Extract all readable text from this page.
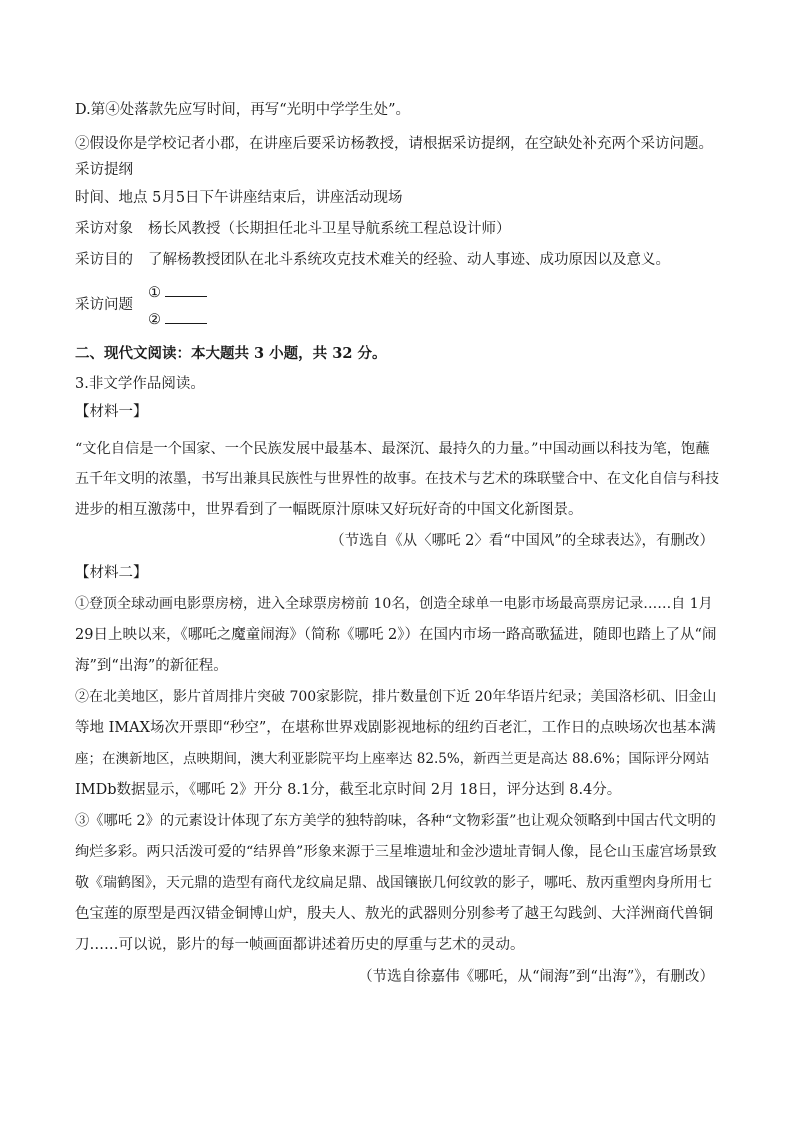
D.第④处落款先应写时间，再写“光明中学学生处”。
②假设你是学校记者小郡，在讲座后要采访杨教授，请根据采访提纲，在空缺处补充两个采访问题。
采访提纲
时间、地点 5月5日下午讲座结束后，讲座活动现场
采访对象 杨长风教授（长期担任北斗卫星导航系统工程总设计师）
采访目的 了解杨教授团队在北斗系统攻克技术难关的经验、动人事迹、成功原因以及意义。
采访问题
①
②
二、现代文阅读：本大题共 3 小题，共 32 分。
3.非文学作品阅读。
【材料一】
“文化自信是一个国家、一个民族发展中最基本、最深沉、最持久的力量。”中国动画以科技为笔，饱蘸
五千年文明的浓墨，书写出兼具民族性与世界性的故事。在技术与艺术的珠联璧合中、在文化自信与科技
进步的相互激荡中，世界看到了一幅既原汁原味又好玩好奇的中国文化新图景。
（节选自《从〈哪吒 2〉看“中国风”的全球表达》，有删改）
【材料二】
①登顶全球动画电影票房榜，进入全球票房榜前 10名，创造全球单一电影市场最高票房记录……自 1月
29日上映以来，《哪吒之魔童闹海》（简称《哪吒 2》）在国内市场一路高歌猛进，随即也踏上了从“闹
海”到“出海”的新征程。
②在北美地区，影片首周排片突破 700家影院，排片数量创下近 20年华语片纪录；美国洛杉矶、旧金山
等地 IMAX场次开票即“秒空”，在堪称世界戏剧影视地标的纽约百老汇，工作日的点映场次也基本满
座；在澳新地区，点映期间，澳大利亚影院平均上座率达 82.5%，新西兰更是高达 88.6%；国际评分网站
IMDb数据显示，《哪吒 2》开分 8.1分，截至北京时间 2月 18日，评分达到 8.4分。
③《哪吒 2》的元素设计体现了东方美学的独特韵味，各种“文物彩蛋”也让观众领略到中国古代文明的
绚烂多彩。两只活泼可爱的“结界兽”形象来源于三星堆遗址和金沙遗址青铜人像，昆仑山玉虚宫场景致
敬《瑞鹤图》，天元鼎的造型有商代龙纹扁足鼎、战国镶嵌几何纹敦的影子，哪吒、敖丙重塑肉身所用七
色宝莲的原型是西汉错金铜博山炉，殷夫人、敖光的武器则分别参考了越王勾践剑、大洋洲商代兽铜
刀……可以说，影片的每一帧画面都讲述着历史的厚重与艺术的灵动。
（节选自徐嘉伟《哪吒，从“闹海”到“出海”》，有删改）
